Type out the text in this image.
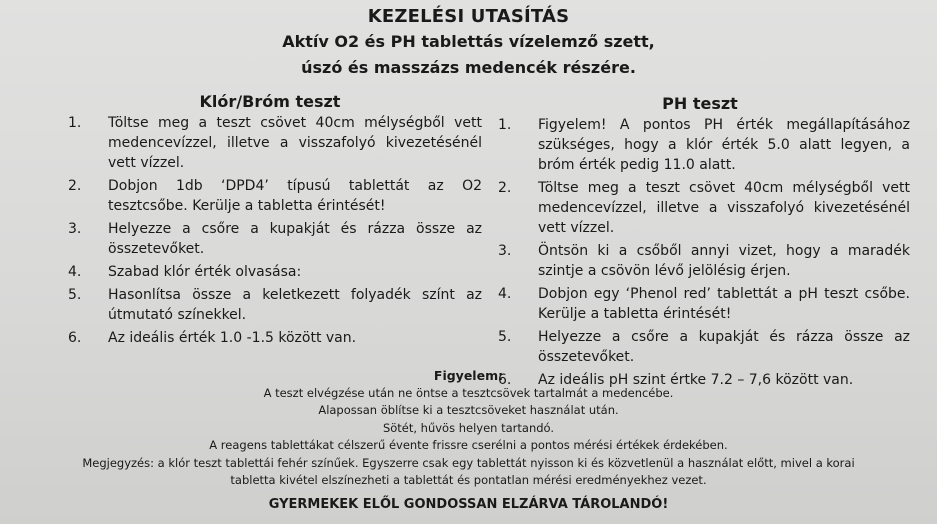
KEZELÉSI UTASÍTÁS
Aktív O2 és PH tablettás vízelemző szett,
úszó és masszázs medencék részére.
Klór/Bróm teszt	PH teszt
1.	Töltse meg a teszt csövet 40cm mélységből vett medencevízzel, illetve a visszafolyó kivezetésénél vett vízzel.
2.	Dobjon 1db ‘DPD4’ típusú tablettát az O2 tesztcsőbe. Kerülje a tabletta érintését!
3.	Helyezze a csőre a kupakját és rázza össze az összetevőket.
4.	Szabad klór érték olvasása:
5.	Hasonlítsa össze a keletkezett folyadék színt az útmutató színekkel.
6.	Az ideális érték 1.0 -1.5 között van.
1.	Figyelem! A pontos PH érték megállapításához szükséges, hogy a klór érték 5.0 alatt legyen, a bróm érték pedig 11.0 alatt.
2.	Töltse meg a teszt csövet 40cm mélységből vett medencevízzel, illetve a visszafolyó kivezetésénél vett vízzel.
3.	Öntsön ki a csőből annyi vizet, hogy a maradék szintje a csövön lévő jelölésig érjen.
4.	Dobjon egy ‘Phenol red’ tablettát a pH teszt csőbe. Kerülje a tabletta érintését!
5.	Helyezze a csőre a kupakját és rázza össze az összetevőket.
6.	Az ideális pH szint értke 7.2 – 7,6 között van.
Figyelem:
A teszt elvégzése után ne öntse a tesztcsövek tartalmát a medencébe.
Alapossan öblítse ki a tesztcsöveket használat után.
Sötét, hűvös helyen tartandó.
A reagens tablettákat célszerű évente frissre cserélni a pontos mérési értékek érdekében.
Megjegyzés: a klór teszt tablettái fehér színűek. Egyszerre csak egy tablettát nyisson ki és közvetlenül a használat előtt, mivel a korai
tabletta kivétel elszínezheti a tablettát és pontatlan mérési eredményekhez vezet.
GYERMEKEK ELŐL GONDOSSAN ELZÁRVA TÁROLANDÓ!
